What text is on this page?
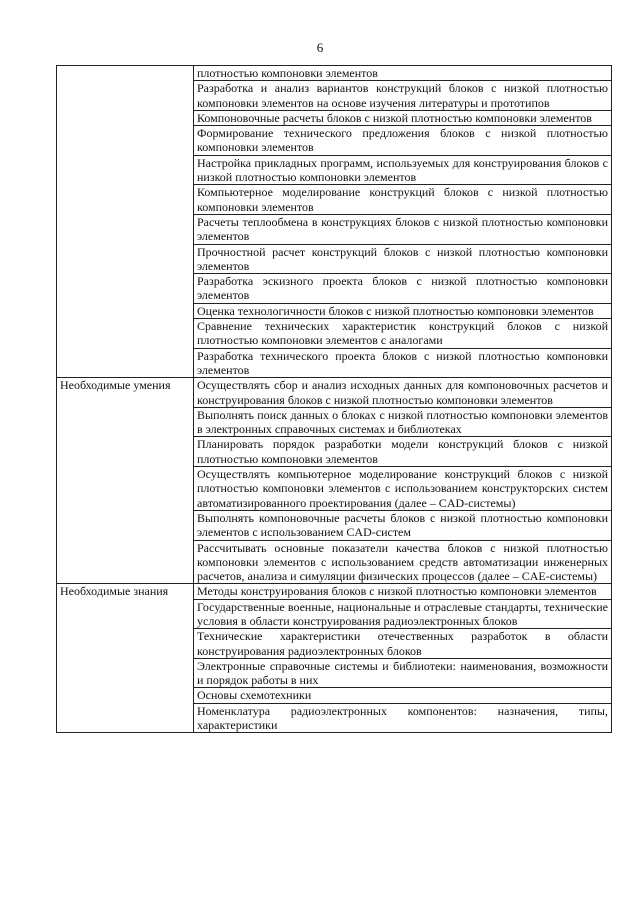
6
	плотностью компоновки элементов
	Разработка и анализ вариантов конструкций блоков с низкой плотностью компоновки элементов на основе изучения литературы и прототипов
	Компоновочные расчеты блоков с низкой плотностью компоновки элементов
	Формирование технического предложения блоков с низкой плотностью компоновки элементов
	Настройка прикладных программ, используемых для конструирования блоков с низкой плотностью компоновки элементов
	Компьютерное моделирование конструкций блоков с низкой плотностью компоновки элементов
	Расчеты теплообмена в конструкциях блоков с низкой плотностью компоновки элементов
	Прочностной расчет конструкций блоков с низкой плотностью компоновки элементов
	Разработка эскизного проекта блоков с низкой плотностью компоновки элементов
	Оценка технологичности блоков с низкой плотностью компоновки элементов
	Сравнение технических характеристик конструкций блоков с низкой плотностью компоновки элементов с аналогами
	Разработка технического проекта блоков с низкой плотностью компоновки элементов
Необходимые умения	Осуществлять сбор и анализ исходных данных для компоновочных расчетов и конструирования блоков с низкой плотностью компоновки элементов
	Выполнять поиск данных о блоках с низкой плотностью компоновки элементов в электронных справочных системах и библиотеках
	Планировать порядок разработки модели конструкций блоков с низкой плотностью компоновки элементов
	Осуществлять компьютерное моделирование конструкций блоков с низкой плотностью компоновки элементов с использованием конструкторских систем автоматизированного проектирования (далее – CAD-системы)
	Выполнять компоновочные расчеты блоков с низкой плотностью компоновки элементов с использованием CAD-систем
	Рассчитывать основные показатели качества блоков с низкой плотностью компоновки элементов с использованием средств автоматизации инженерных расчетов, анализа и симуляции физических процессов (далее – CAE-системы)
Необходимые знания	Методы конструирования блоков с низкой плотностью компоновки элементов
	Государственные военные, национальные и отраслевые стандарты, технические условия в области конструирования радиоэлектронных блоков
	Технические характеристики отечественных разработок в области конструирования радиоэлектронных блоков
	Электронные справочные системы и библиотеки: наименования, возможности и порядок работы в них
	Основы схемотехники
	Номенклатура радиоэлектронных компонентов: назначения, типы, характеристики
